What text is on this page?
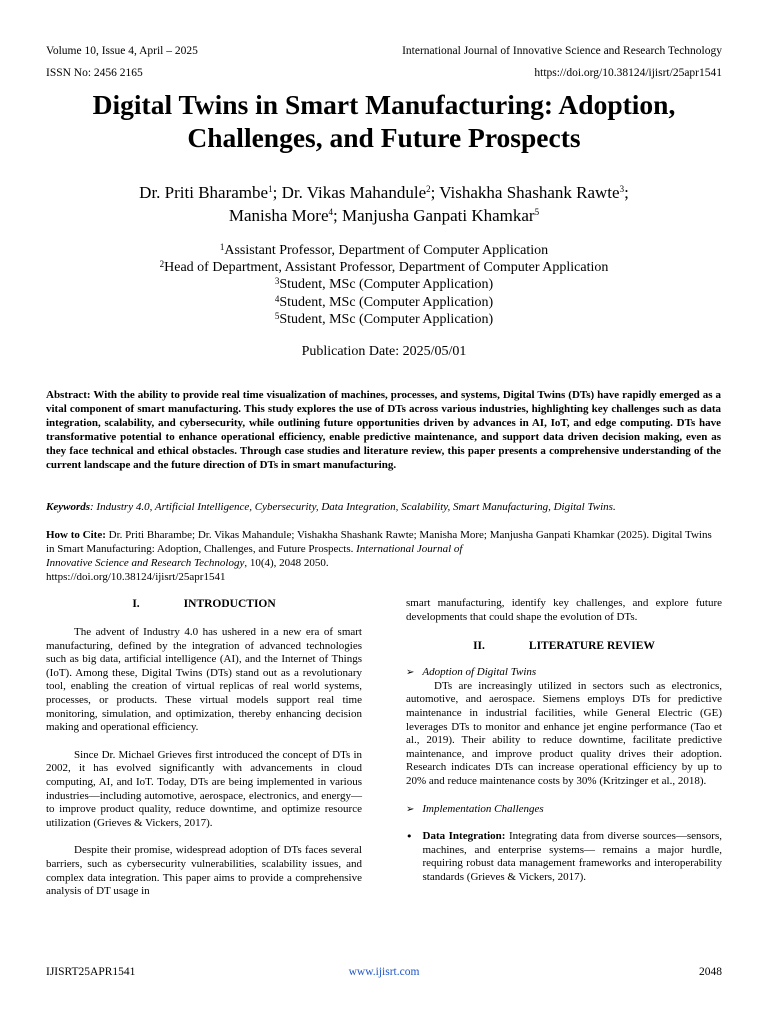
Volume 10, Issue 4, April – 2025
ISSN No: 2456 2165
International Journal of Innovative Science and Research Technology
https://doi.org/10.38124/ijisrt/25apr1541
Digital Twins in Smart Manufacturing: Adoption,
Challenges, and Future Prospects
Dr. Priti Bharambe$^1$; Dr. Vikas Mahandule$^2$; Vishakha Shashank Rawte$^3$;
Manisha More$^4$; Manjusha Ganpati Khamkar$^5$
$^1$Assistant Professor, Department of Computer Application
$^2$Head of Department, Assistant Professor, Department of Computer Application
$^3$Student, MSc (Computer Application)
$^4$Student, MSc (Computer Application)
$^5$Student, MSc (Computer Application)
Publication Date: 2025/05/01
Abstract: With the ability to provide real time visualization of machines, processes, and systems, Digital Twins (DTs) have rapidly emerged as a vital component of smart manufacturing. This study explores the use of DTs across various industries, highlighting key challenges such as data integration, scalability, and cybersecurity, while outlining future opportunities driven by advances in AI, IoT, and edge computing. DTs have transformative potential to enhance operational efficiency, enable predictive maintenance, and support data driven decision making, even as they face technical and ethical obstacles. Through case studies and literature review, this paper presents a comprehensive understanding of the current landscape and the future direction of DTs in smart manufacturing.
Keywords: Industry 4.0, Artificial Intelligence, Cybersecurity, Data Integration, Scalability, Smart Manufacturing, Digital Twins.
How to Cite: Dr. Priti Bharambe; Dr. Vikas Mahandule; Vishakha Shashank Rawte; Manisha More; Manjusha Ganpati Khamkar (2025). Digital Twins in Smart Manufacturing: Adoption, Challenges, and Future Prospects. International Journal of
Innovative Science and Research Technology, 10(4), 2048 2050.
https://doi.org/10.38124/ijisrt/25apr1541
I.	INTRODUCTION

The advent of Industry 4.0 has ushered in a new era of smart manufacturing, defined by the integration of advanced technologies such as big data, artificial intelligence (AI), and the Internet of Things (IoT). Among these, Digital Twins (DTs) stand out as a revolutionary tool, enabling the creation of virtual replicas of real world systems, processes, or products. These virtual models support real time monitoring, simulation, and optimization, thereby enhancing decision making and operational efficiency.

Since Dr. Michael Grieves first introduced the concept of DTs in 2002, it has evolved significantly with advancements in cloud computing, AI, and IoT. Today, DTs are being implemented in various industries—including automotive, aerospace, electronics, and energy—to improve product quality, reduce downtime, and optimize resource utilization (Grieves & Vickers, 2017).

Despite their promise, widespread adoption of DTs faces several barriers, such as cybersecurity vulnerabilities, scalability issues, and complex data integration. This paper aims to provide a comprehensive analysis of DT usage in

smart manufacturing, identify key challenges, and explore future developments that could shape the evolution of DTs.

II.	LITERATURE REVIEW
➢ Adoption of Digital Twins

DTs are increasingly utilized in sectors such as electronics, automotive, and aerospace. Siemens employs DTs for predictive maintenance in industrial facilities, while General Electric (GE) leverages DTs to monitor and enhance jet engine performance (Tao et al., 2019). Their ability to reduce downtime, facilitate predictive maintenance, and improve product quality drives their adoption. Research indicates DTs can increase operational efficiency by up to 20% and reduce maintenance costs by 30% (Kritzinger et al., 2018).

➢ Implementation Challenges
• Data Integration: Integrating data from diverse sources—sensors, machines, and enterprise systems— remains a major hurdle, requiring robust data management frameworks and interoperability standards (Grieves & Vickers, 2017).

IJISRT25APR1541	www.ijisrt.com	2048
